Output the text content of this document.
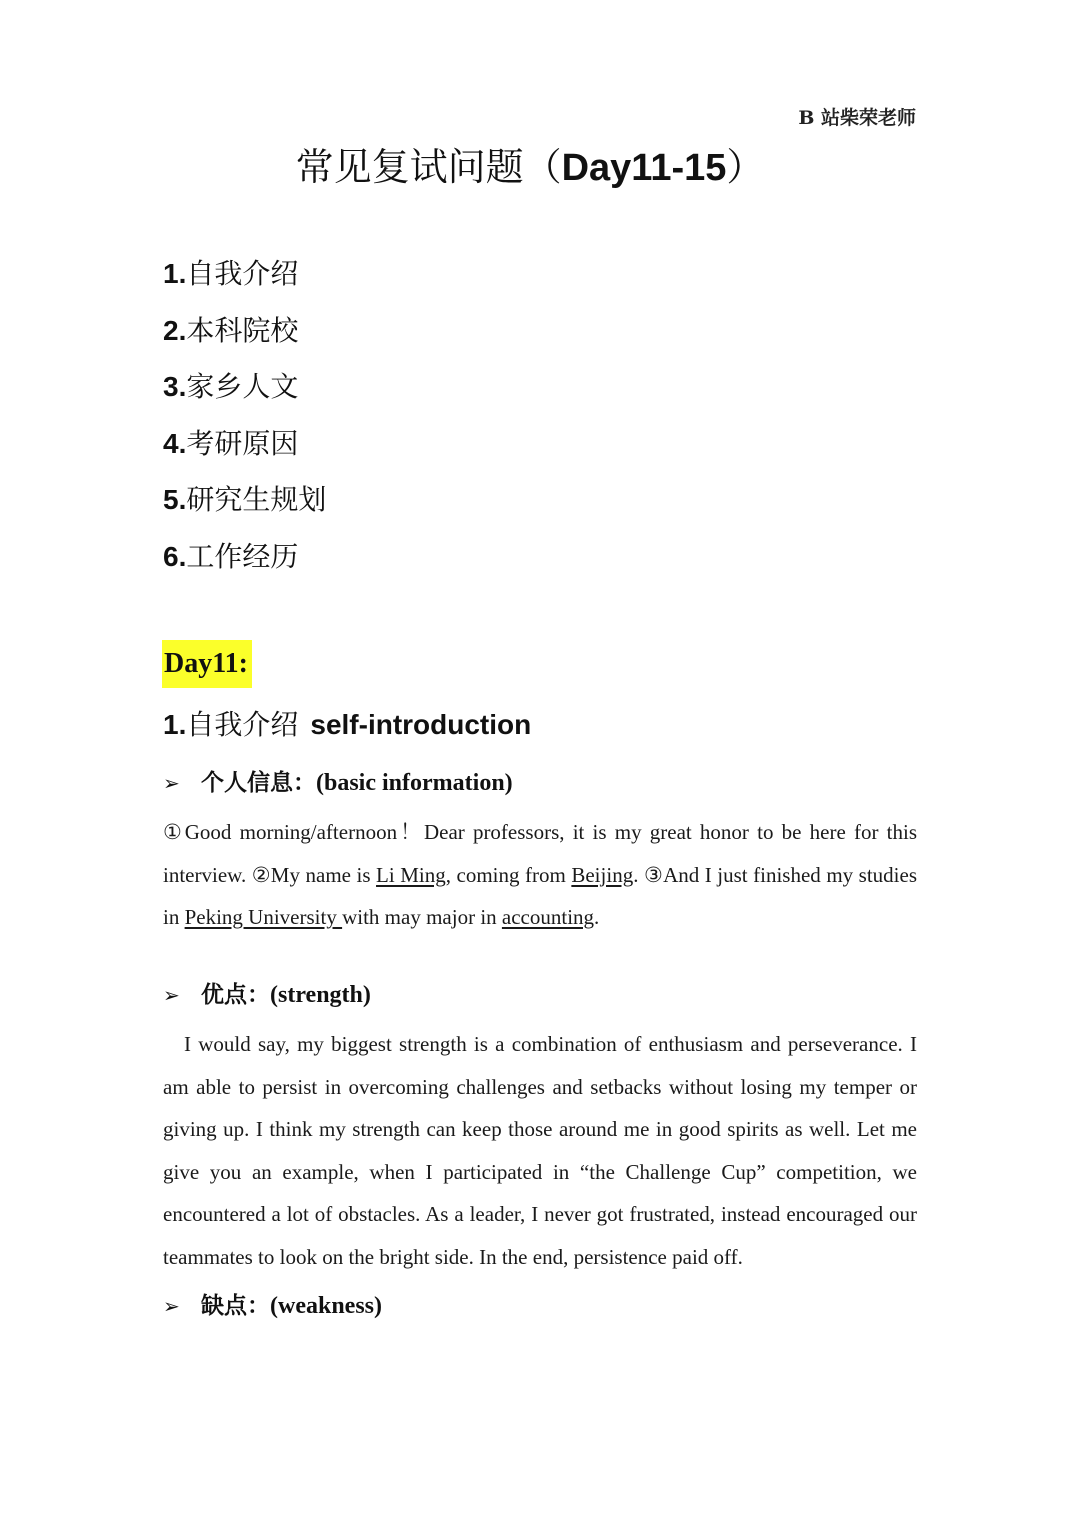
B 站柴荣老师
常见复试问题（Day11-15）
1.自我介绍
2.本科院校
3.家乡人文
4.考研原因
5.研究生规划
6.工作经历
Day11:
1.自我介绍 self-introduction
➢ 个人信息：(basic information)

①Good morning/afternoon！Dear professors, it is my great honor to be here for this interview. ②My name is Li Ming, coming from Beijing. ③And I just finished my studies in Peking University with may major in accounting.

➢ 优点：(strength)

I would say, my biggest strength is a combination of enthusiasm and perseverance. I am able to persist in overcoming challenges and setbacks without losing my temper or giving up. I think my strength can keep those around me in good spirits as well. Let me give you an example, when I participated in “the Challenge Cup” competition, we encountered a lot of obstacles. As a leader, I never got frustrated, instead encouraged our teammates to look on the bright side. In the end, persistence paid off.

➢ 缺点：(weakness)
